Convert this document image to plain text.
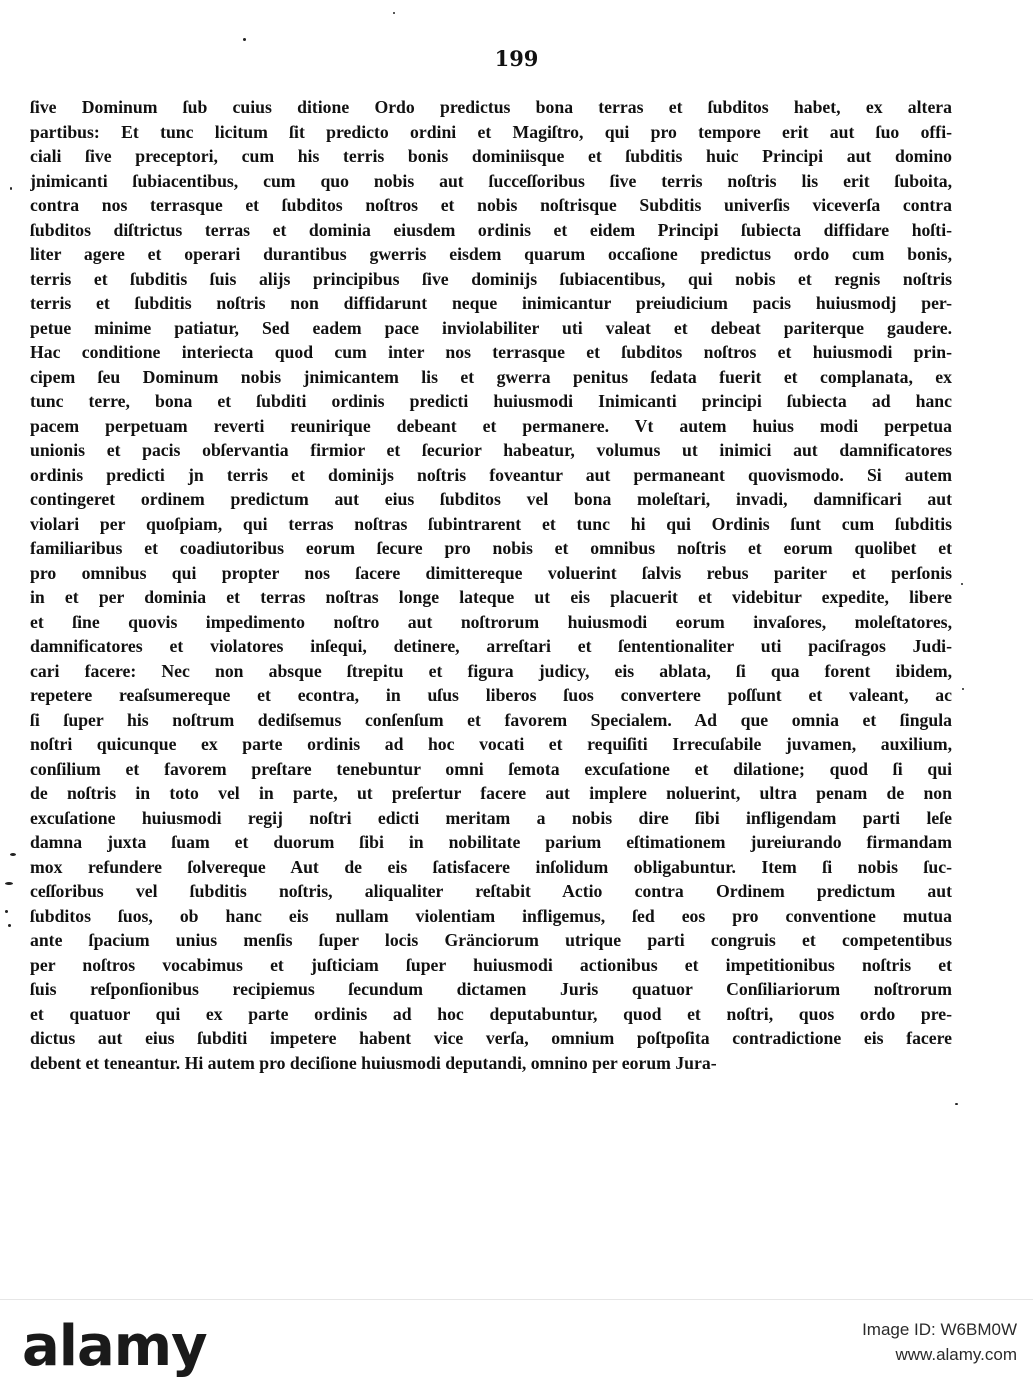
199
ſive Dominum ſub cuius ditione Ordo predictus bona terras et ſubditos habet, ex altera
partibus: Et tunc licitum ſit predicto ordini et Magiſtro, qui pro tempore erit aut ſuo offi-
ciali ſive preceptori, cum his terris bonis dominiisque et ſubditis huic Principi aut domino
jnimicanti ſubiacentibus, cum quo nobis aut ſucceſſoribus ſive terris noſtris lis erit ſuboita,
contra nos terrasque et ſubditos noſtros et nobis noſtrisque Subditis univerſis viceverſa contra
ſubditos diſtrictus terras et dominia eiusdem ordinis et eidem Principi ſubiecta diffidare hoſti-
liter agere et operari durantibus gwerris eisdem quarum occaſione predictus ordo cum bonis,
terris et ſubditis ſuis alijs principibus ſive dominijs ſubiacentibus, qui nobis et regnis noſtris
terris et ſubditis noſtris non diffidarunt neque inimicantur preiudicium pacis huiusmodj per-
petue minime patiatur, Sed eadem pace inviolabiliter uti valeat et debeat pariterque gaudere.
Hac conditione interiecta quod cum inter nos terrasque et ſubditos noſtros et huiusmodi prin-
cipem ſeu Dominum nobis jnimicantem lis et gwerra penitus ſedata fuerit et complanata, ex
tunc terre, bona et ſubditi ordinis predicti huiusmodi Inimicanti principi ſubiecta ad hanc
pacem perpetuam reverti reunirique debeant et permanere. Vt autem huius modi perpetua
unionis et pacis obſervantia firmior et ſecurior habeatur, volumus ut inimici aut damnificatores
ordinis predicti jn terris et dominijs noſtris foveantur aut permaneant quovismodo. Si autem
contingeret ordinem predictum aut eius ſubditos vel bona moleſtari, invadi, damnificari aut
violari per quoſpiam, qui terras noſtras ſubintrarent et tunc hi qui Ordinis ſunt cum ſubditis
familiaribus et coadiutoribus eorum ſecure pro nobis et omnibus noſtris et eorum quolibet et
pro omnibus qui propter nos ſacere dimittereque voluerint ſalvis rebus pariter et perſonis
in et per dominia et terras noſtras longe lateque ut eis placuerit et videbitur expedite, libere
et ſine quovis impedimento noſtro aut noſtrorum huiusmodi eorum invaſores, moleſtatores,
damnificatores et violatores inſequi, detinere, arreſtari et ſententionaliter uti paciſragos Judi-
cari facere: Nec non absque ſtrepitu et figura judicy, eis ablata, ſi qua forent ibidem,
repetere reaſsumereque et econtra, in uſus liberos ſuos convertere poſſunt et valeant, ac
ſi ſuper his noſtrum dediſsemus conſenſum et favorem Specialem. Ad que omnia et ſingula
noſtri quicunque ex parte ordinis ad hoc vocati et requiſiti Irrecuſabile juvamen, auxilium,
conſilium et favorem preſtare tenebuntur omni ſemota excuſatione et dilatione; quod ſi qui
de noſtris in toto vel in parte, ut preſertur facere aut implere noluerint, ultra penam de non
excuſatione huiusmodi regij noſtri edicti meritam a nobis dire ſibi infligendam parti leſe
damna juxta ſuam et duorum ſibi in nobilitate parium eſtimationem jureiurando firmandam
mox refundere ſolvereque Aut de eis ſatisfacere inſolidum obligabuntur. Item ſi nobis ſuc-
ceſſoribus vel ſubditis noſtris, aliqualiter reſtabit Actio contra Ordinem predictum aut
ſubditos ſuos, ob hanc eis nullam violentiam infligemus, ſed eos pro conventione mutua
ante ſpacium unius menſis ſuper locis Gränciorum utrique parti congruis et competentibus
per noſtros vocabimus et juſticiam ſuper huiusmodi actionibus et impetitionibus noſtris et
ſuis reſponſionibus recipiemus ſecundum dictamen Juris quatuor Conſiliariorum noſtrorum
et quatuor qui ex parte ordinis ad hoc deputabuntur, quod et noſtri, quos ordo pre-
dictus aut eius ſubditi impetere habent vice verſa, omnium poſtpoſita contradictione eis facere
debent et teneantur. Hi autem pro deciſione huiusmodi deputandi, omnino per eorum Jura-
alamy	Image ID: W6BM0W
www.alamy.com
